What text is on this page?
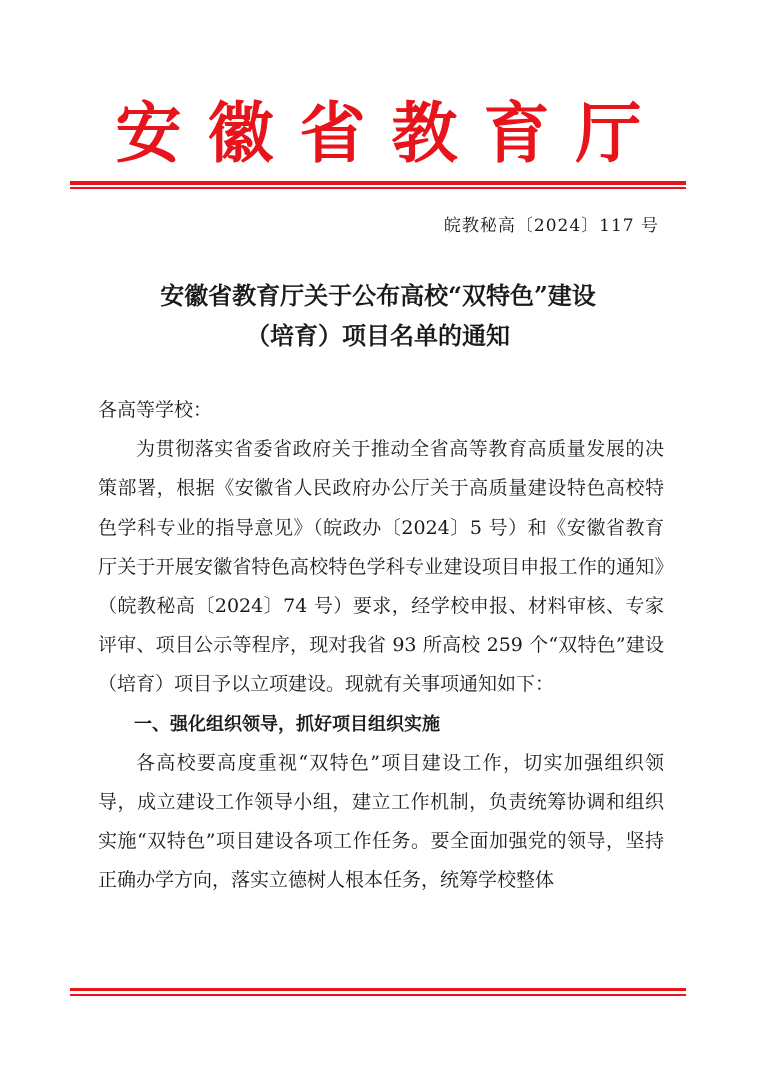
安徽省教育厅
皖教秘高〔2024〕117 号
安徽省教育厅关于公布高校“双特色”建设
（培育）项目名单的通知

各高等学校：

为贯彻落实省委省政府关于推动全省高等教育高质量发展的决策部署，根据《安徽省人民政府办公厅关于高质量建设特色高校特色学科专业的指导意见》（皖政办〔2024〕5 号）和《安徽省教育厅关于开展安徽省特色高校特色学科专业建设项目申报工作的通知》（皖教秘高〔2024〕74 号）要求，经学校申报、材料审核、专家评审、项目公示等程序，现对我省 93 所高校 259 个“双特色”建设（培育）项目予以立项建设。现就有关事项通知如下：

一、强化组织领导，抓好项目组织实施

各高校要高度重视“双特色”项目建设工作，切实加强组织领导，成立建设工作领导小组，建立工作机制，负责统筹协调和组织实施“双特色”项目建设各项工作任务。要全面加强党的领导，坚持正确办学方向，落实立德树人根本任务，统筹学校整体
